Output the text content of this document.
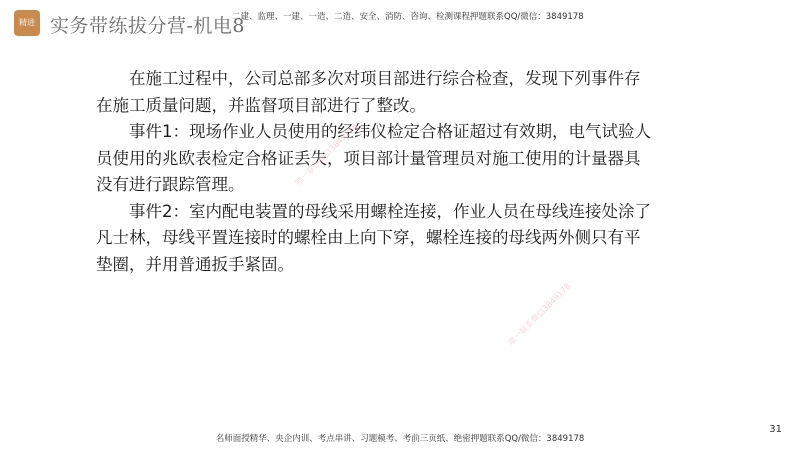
精进 实务带练拔分营-机电8
二建、监理、一建、一造、二造、安全、消防、咨询、检测课程押题联系QQ/微信：3849178

在施工过程中，公司总部多次对项目部进行综合检查，发现下列事件存在施工质量问题，并监督项目部进行了整改。

事件1：现场作业人员使用的经纬仪检定合格证超过有效期，电气试验人员使用的兆欧表检定合格证丢失，项目部计量管理员对施工使用的计量器具没有进行跟踪管理。

事件2：室内配电装置的母线采用螺栓连接，作业人员在母线连接处涂了凡士林，母线平置连接时的螺栓由上向下穿，螺栓连接的母线两外侧只有平垫圈，并用普通扳手紧固。

唯一联系微信3849178
唯一联系微信3849178
31
名师面授精华、央企内训、考点串讲、习题模考、考前三页纸、绝密押题联系QQ/微信：3849178
